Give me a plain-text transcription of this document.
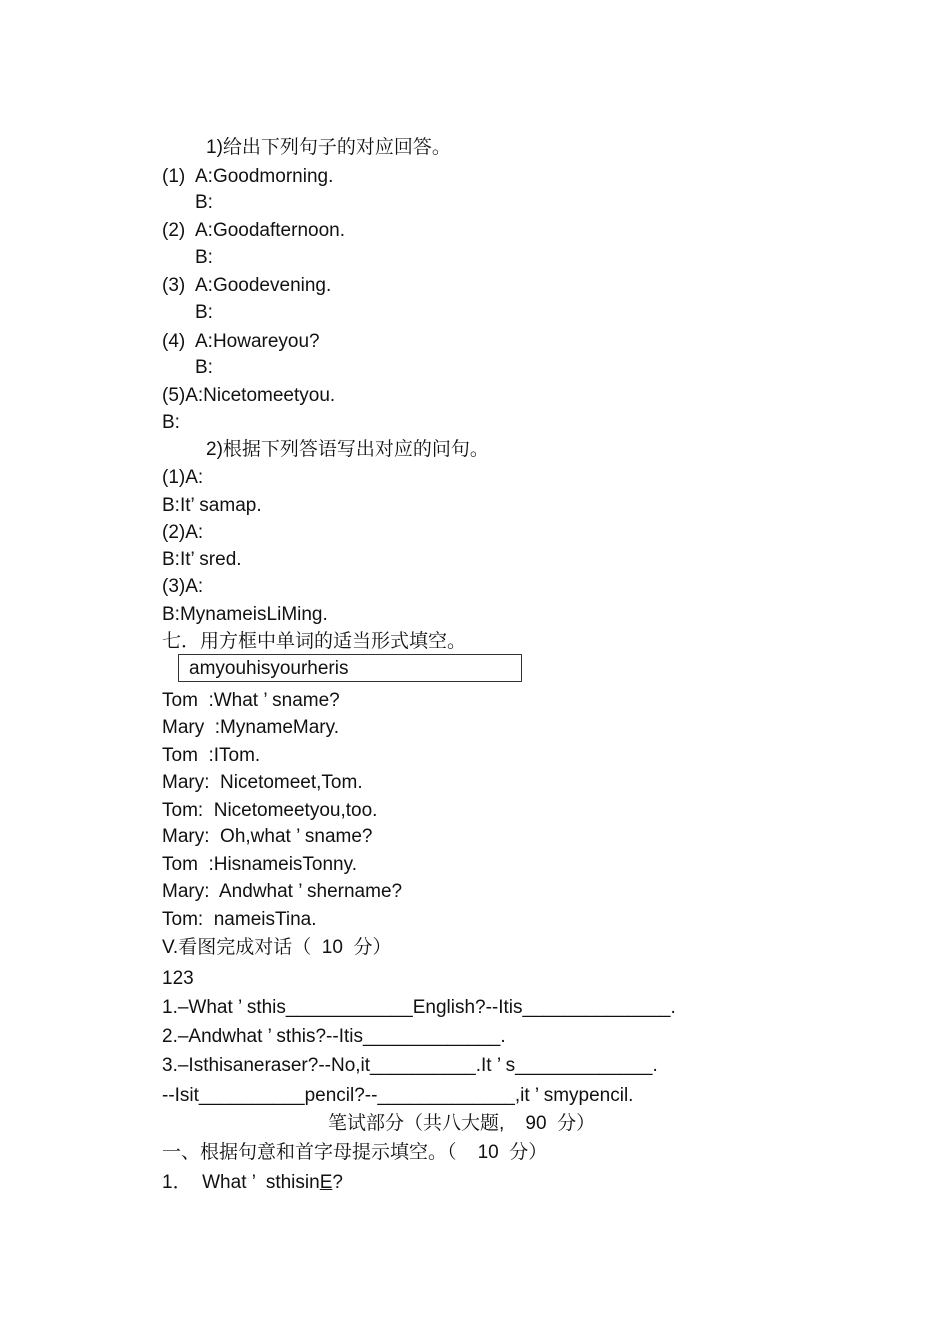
1)给出下列句子的对应回答。
(1) A:Goodmorning.
B:
(2) A:Goodafternoon.
B:
(3) A:Goodevening.
B:
(4) A:Howareyou?
B:
(5)A:Nicetomeetyou.
B:
2)根据下列答语写出对应的问句。
(1)A:
B:It’ samap.
(2)A:
B:It’ sred.
(3)A:
B:MynameisLiMing.
七．用方框中单词的适当形式填空。
amyouhisyourheris
Tom  :What ’ sname?
Mary  :MynameMary.
Tom  :ITom.
Mary:  Nicetomeet,Tom.
Tom:  Nicetomeetyou,too.
Mary:  Oh,what ’ sname?
Tom  :HisnameisTonny.
Mary:  Andwhat ’ shername?
Tom:  nameisTina.
V.看图完成对话（  10  分）
123
1.–What ’ sthis____________English?--Itis______________.
2.–Andwhat ’ sthis?--Itis_____________.
3.–Isthisaneraser?--No,it__________.It ’ s_____________.
--Isit__________pencil?--_____________,it ’ smypencil.
笔试部分（共八大题,    90  分）
一、根据句意和首字母提示填空。（    10  分）
1．  What ’  sthisinE?
